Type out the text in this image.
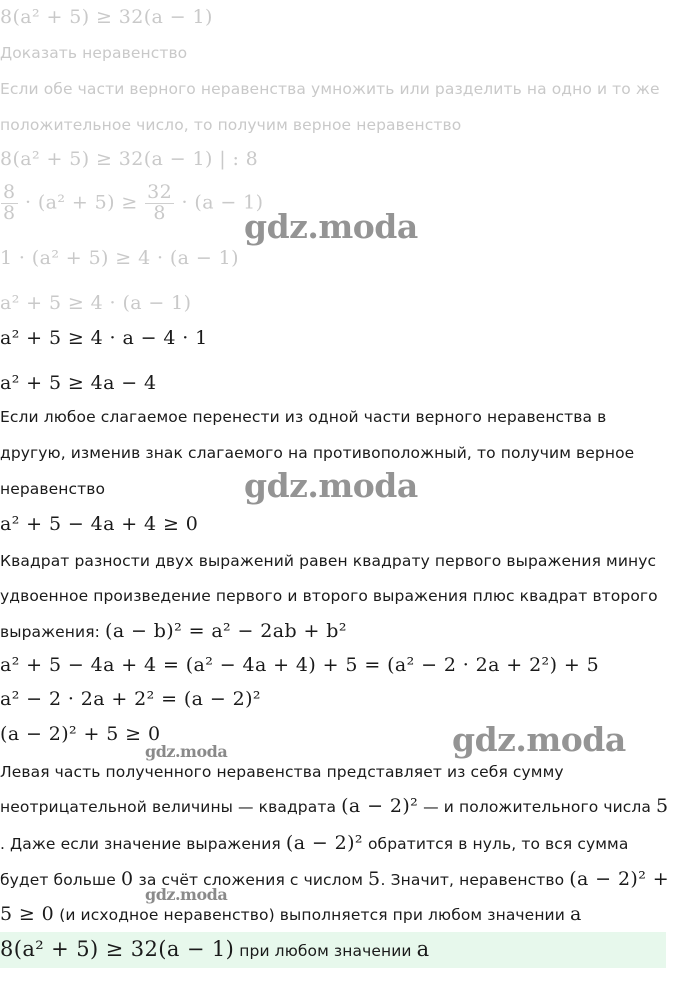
8(a² + 5) ≥ 32(a − 1)
Доказать неравенство
Если обе части верного неравенства умножить или разделить на одно и то же
положительное число, то получим верное неравенство
8(a² + 5) ≥ 32(a − 1) | : 8
$\frac{8}{8} \cdot (a^2 + 5) \ge \frac{32}{8} \cdot (a - 1)$
1 · (a² + 5) ≥ 4 · (a − 1)
a² + 5 ≥ 4 · (a − 1)
a² + 5 ≥ 4 · a − 4 · 1
a² + 5 ≥ 4a − 4
Если любое слагаемое перенести из одной части верного неравенства в
другую, изменив знак слагаемого на противоположный, то получим верное
неравенство
a² + 5 − 4a + 4 ≥ 0
Квадрат разности двух выражений равен квадрату первого выражения минус
удвоенное произведение первого и второго выражения плюс квадрат второго
выражения: (a − b)² = a² − 2ab + b²
a² + 5 − 4a + 4 = (a² − 4a + 4) + 5 = (a² − 2 · 2a + 2²) + 5
a² − 2 · 2a + 2² = (a − 2)²
(a − 2)² + 5 ≥ 0
Левая часть полученного неравенства представляет из себя сумму
неотрицательной величины — квадрата (a − 2)² — и положительного числа 5
. Даже если значение выражения (a − 2)² обратится в нуль, то вся сумма
будет больше 0 за счёт сложения с числом 5. Значит, неравенство (a − 2)² +
5 ≥ 0 (и исходное неравенство) выполняется при любом значении a
8(a² + 5) ≥ 32(a − 1) при любом значении a
gdz.moda
gdz.moda
gdz.moda
gdz.moda
gdz.moda
